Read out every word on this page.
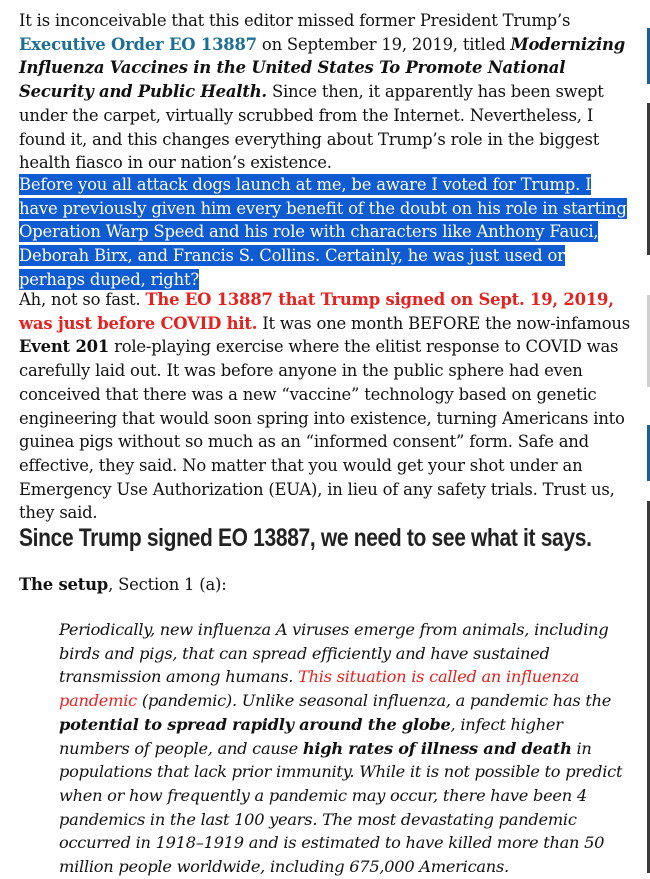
It is inconceivable that this editor missed former President Trump’s Executive Order EO 13887 on September 19, 2019, titled Modernizing Influenza Vaccines in the United States To Promote National Security and Public Health. Since then, it apparently has been swept under the carpet, virtually scrubbed from the Internet. Nevertheless, I found it, and this changes everything about Trump’s role in the biggest health fiasco in our nation’s existence.

Before you all attack dogs launch at me, be aware I voted for Trump. I have previously given him every benefit of the doubt on his role in starting Operation Warp Speed and his role with characters like Anthony Fauci, Deborah Birx, and Francis S. Collins. Certainly, he was just used or perhaps duped, right?

Ah, not so fast. The EO 13887 that Trump signed on Sept. 19, 2019, was just before COVID hit. It was one month BEFORE the now-infamous Event 201 role-playing exercise where the elitist response to COVID was carefully laid out. It was before anyone in the public sphere had even conceived that there was a new “vaccine” technology based on genetic engineering that would soon spring into existence, turning Americans into guinea pigs without so much as an “informed consent” form. Safe and effective, they said. No matter that you would get your shot under an Emergency Use Authorization (EUA), in lieu of any safety trials. Trust us, they said.

Since Trump signed EO 13887, we need to see what it says.

The setup, Section 1 (a):

Periodically, new influenza A viruses emerge from animals, including birds and pigs, that can spread efficiently and have sustained transmission among humans. This situation is called an influenza pandemic (pandemic). Unlike seasonal influenza, a pandemic has the potential to spread rapidly around the globe, infect higher numbers of people, and cause high rates of illness and death in populations that lack prior immunity. While it is not possible to predict when or how frequently a pandemic may occur, there have been 4 pandemics in the last 100 years. The most devastating pandemic occurred in 1918–1919 and is estimated to have killed more than 50 million people worldwide, including 675,000 Americans.
